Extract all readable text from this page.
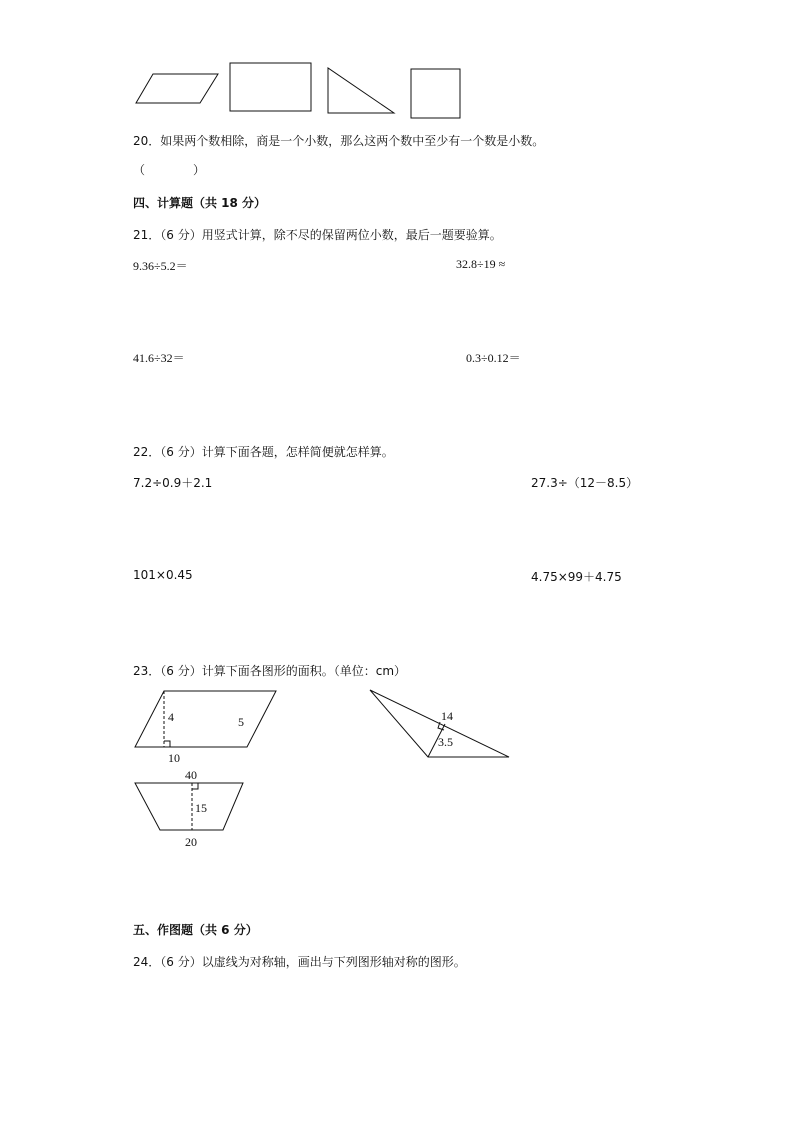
20．如果两个数相除，商是一个小数，那么这两个数中至少有一个数是小数。
（　　　　）
四、计算题（共 18 分）
21．（6 分）用竖式计算，除不尽的保留两位小数，最后一题要验算。
9.36÷5.2＝	32.8÷19 ≈
41.6÷32＝	0.3÷0.12＝
22．（6 分）计算下面各题，怎样简便就怎样算。
7.2÷0.9＋2.1	27.3÷（12－8.5）
101×0.45	4.75×99＋4.75
23．（6 分）计算下面各图形的面积。（单位：cm）
4	5
10
14
3.5
40
15
20
五、作图题（共 6 分）
24．（6 分）以虚线为对称轴，画出与下列图形轴对称的图形。
